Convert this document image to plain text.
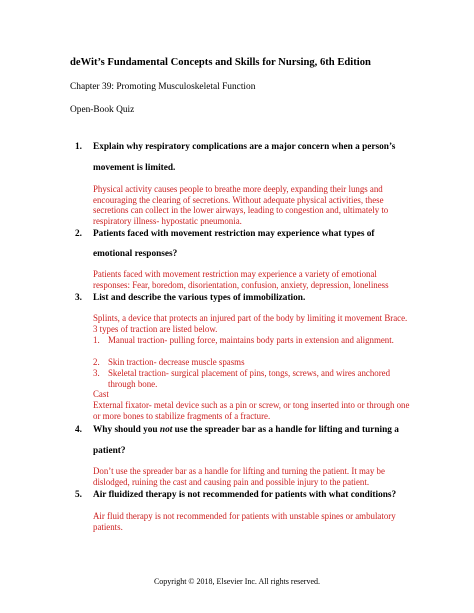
deWit’s Fundamental Concepts and Skills for Nursing, 6th Edition
Chapter 39: Promoting Musculoskeletal Function
Open-Book Quiz
1. Explain why respiratory complications are a major concern when a person’s
movement is limited.
Physical activity causes people to breathe more deeply, expanding their lungs and encouraging the clearing of secretions. Without adequate physical activities, these secretions can collect in the lower airways, leading to congestion and, ultimately to respiratory illness- hypostatic pneumonia.
2. Patients faced with movement restriction may experience what types of
emotional responses?
Patients faced with movement restriction may experience a variety of emotional responses: Fear, boredom, disorientation, confusion, anxiety, depression, loneliness
3. List and describe the various types of immobilization.
Splints, a device that protects an injured part of the body by limiting it movement Brace. 3 types of traction are listed below.
1. Manual traction- pulling force, maintains body parts in extension and alignment.
2. Skin traction- decrease muscle spasms
3. Skeletal traction- surgical placement of pins, tongs, screws, and wires anchored through bone.
Cast
External fixator- metal device such as a pin or screw, or tong inserted into or through one or more bones to stabilize fragments of a fracture.
4. Why should you not use the spreader bar as a handle for lifting and turning a
patient?
Don’t use the spreader bar as a handle for lifting and turning the patient. It may be dislodged, ruining the cast and causing pain and possible injury to the patient.
5. Air fluidized therapy is not recommended for patients with what conditions?
Air fluid therapy is not recommended for patients with unstable spines or ambulatory patients.
Copyright © 2018, Elsevier Inc. All rights reserved.
